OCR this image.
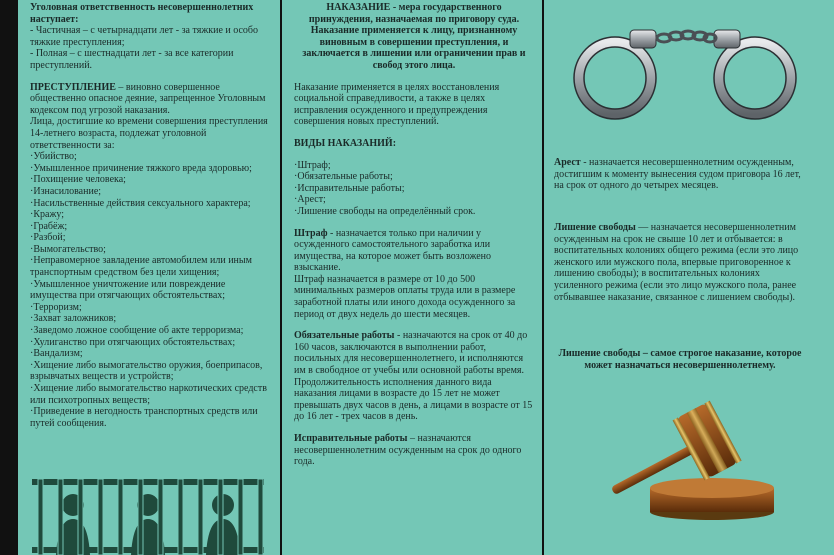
Уголовная ответственность несовершеннолетних наступает:

- Частичная – с четырнадцати лет - за тяжкие и особо тяжкие преступления;

- Полная – с шестнадцати лет - за все категории преступлений.

ПРЕСТУПЛЕНИЕ – виновно совершенное общественно опасное деяние, запрещенное Уголовным кодексом под угрозой наказания.

Лица, достигшие ко времени совершения преступления 14-летнего возраста, подлежат уголовной ответственности за:

· Убийство;
· Умышленное причинение тяжкого вреда здоровью;
· Похищение человека;
· Изнасилование;
· Насильственные действия сексуального характера;
· Кражу;
· Грабёж;
· Разбой;
· Вымогательство;
· Неправомерное завладение автомобилем или иным транспортным средством без цели хищения;
· Умышленное уничтожение или повреждение имущества при отягчающих обстоятельствах;
· Терроризм;
· Захват заложников;
· Заведомо ложное сообщение об акте терроризма;
· Хулиганство при отягчающих обстоятельствах;
· Вандализм;
· Хищение либо вымогательство оружия, боеприпасов, взрывчатых веществ и устройств;
· Хищение либо вымогательство наркотических средств или психотропных веществ;
· Приведение в негодность транспортных средств или путей сообщения.

НАКАЗАНИЕ - мера государственного принуждения, назначаемая по приговору суда. Наказание применяется к лицу, признанному виновным в совершении преступления, и заключается в лишении или ограничении прав и свобод этого лица.

Наказание применяется в целях восстановления социальной справедливости, а также в целях исправления осужденного и предупреждения совершения новых преступлений.

ВИДЫ НАКАЗАНИЙ:

· Штраф;
· Обязательные работы;
· Исправительные работы;
· Арест;
· Лишение свободы на определённый срок.

Штраф - назначается только при наличии у осужденного самостоятельного заработка или имущества, на которое может быть возложено взыскание.

Штраф назначается в размере от 10 до 500 минимальных размеров оплаты труда или в размере заработной платы или иного дохода осужденного за период от двух недель до шести месяцев.

Обязательные работы - назначаются на срок от 40 до 160 часов, заключаются в выполнении работ, посильных для несовершеннолетнего, и исполняются им в свободное от учебы или основной работы время. Продолжительность исполнения данного вида наказания лицами в возрасте до 15 лет не может превышать двух часов в день, а лицами в возрасте от 15 до 16 лет - трех часов в день.

Исправительные работы – назначаются несовершеннолетним осужденным на срок до одного года.

Арест - назначается несовершеннолетним осужденным, достигшим к моменту вынесения судом приговора 16 лет, на срок от одного до четырех месяцев.

Лишение свободы — назначается несовершеннолетним осужденным на срок не свыше 10 лет и отбывается: в воспитательных колониях общего режима (если это лицо женского или мужского пола, впервые приговоренное к лишению свободы); в воспитательных колониях усиленного режима (если это лицо мужского пола, ранее отбывавшее наказание, связанное с лишением свободы).

Лишение свободы – самое строгое наказание, которое может назначаться несовершеннолетнему.
